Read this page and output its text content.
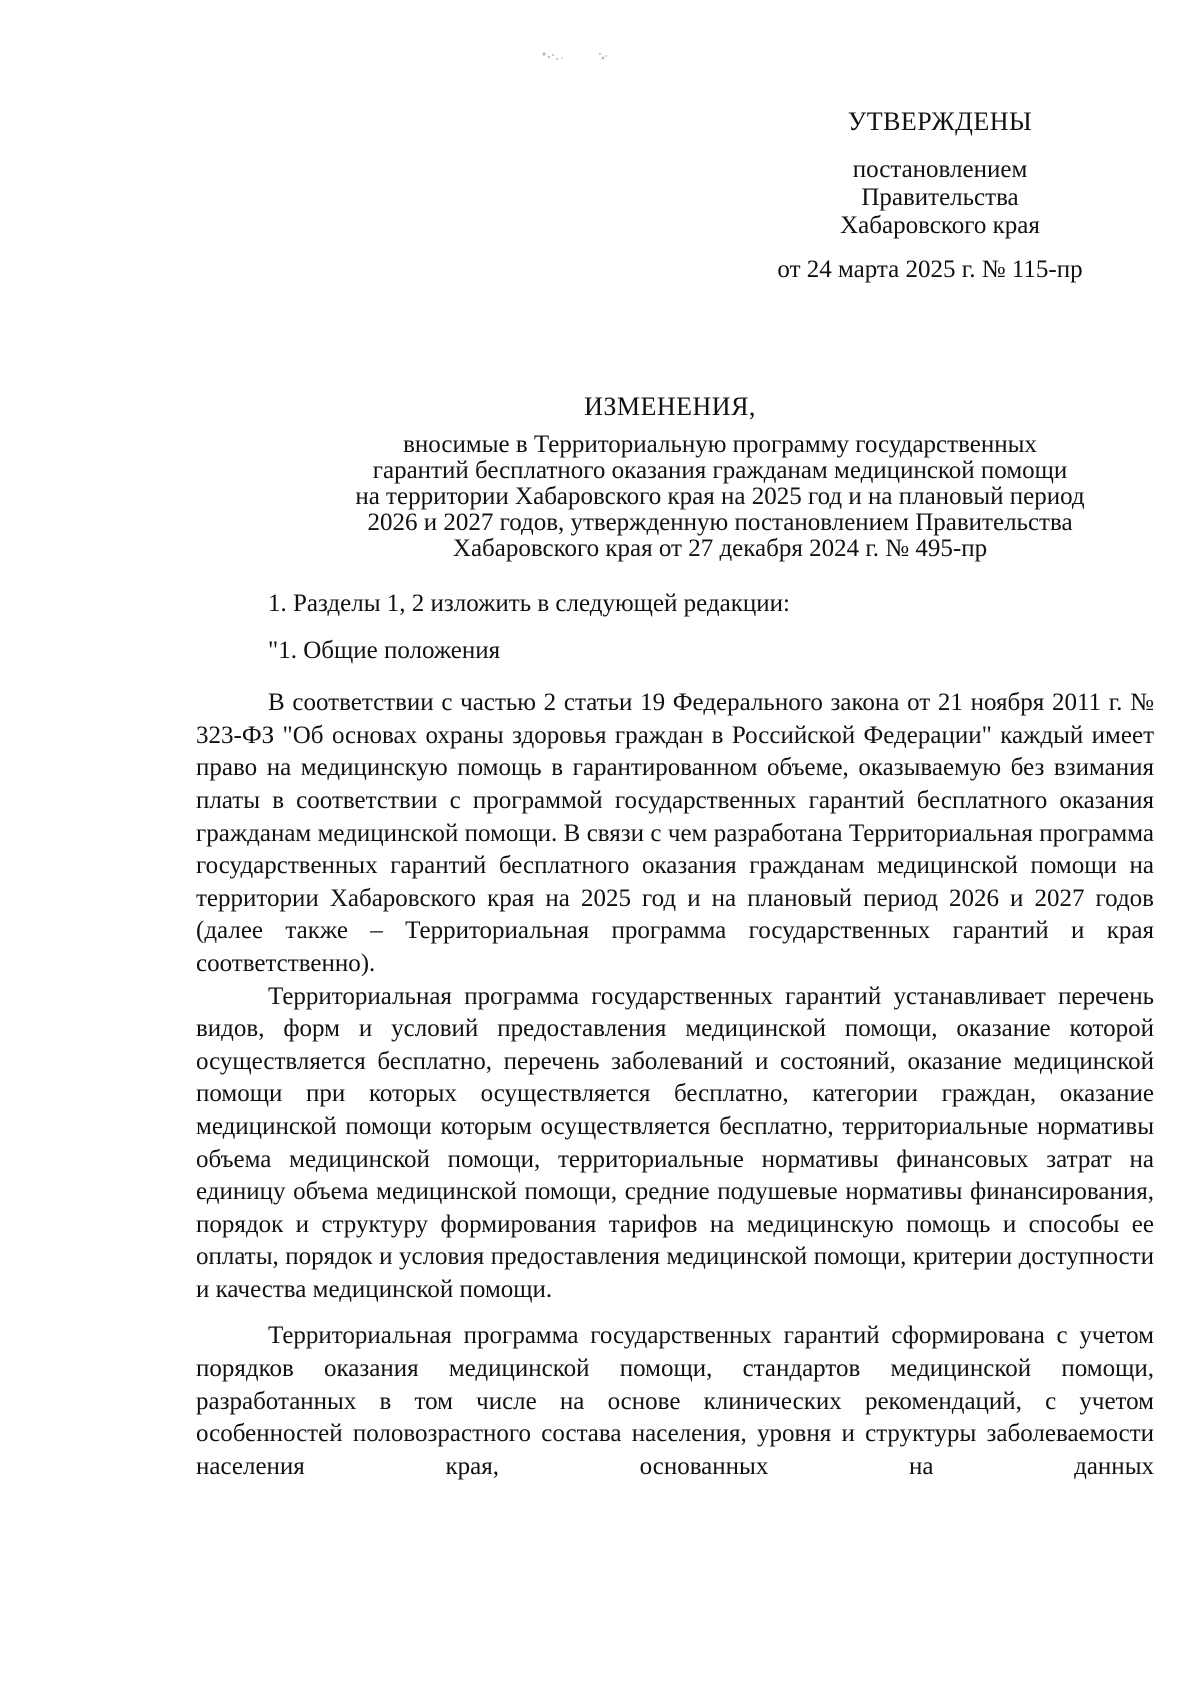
УТВЕРЖДЕНЫ
постановлением
Правительства
Хабаровского края
от 24 марта 2025 г. № 115-пр
ИЗМЕНЕНИЯ,
вносимые в Территориальную программу государственных
гарантий бесплатного оказания гражданам медицинской помощи
на территории Хабаровского края на 2025 год и на плановый период
2026 и 2027 годов, утвержденную постановлением Правительства
Хабаровского края от 27 декабря 2024 г. № 495-пр

1. Разделы 1, 2 изложить в следующей редакции:

"1. Общие положения

В соответствии с частью 2 статьи 19 Федерального закона от 21 ноября 2011 г. № 323-ФЗ "Об основах охраны здоровья граждан в Российской Федерации" каждый имеет право на медицинскую помощь в гарантированном объеме, оказываемую без взимания платы в соответствии с программой государственных гарантий бесплатного оказания гражданам медицинской помощи. В связи с чем разработана Территориальная программа государственных гарантий бесплатного оказания гражданам медицинской помощи на территории Хабаровского края на 2025 год и на плановый период 2026 и 2027 годов (далее также – Территориальная программа государственных гарантий и края соответственно).

Территориальная программа государственных гарантий устанавливает перечень видов, форм и условий предоставления медицинской помощи, оказание которой осуществляется бесплатно, перечень заболеваний и состояний, оказание медицинской помощи при которых осуществляется бесплатно, категории граждан, оказание медицинской помощи которым осуществляется бесплатно, территориальные нормативы объема медицинской помощи, территориальные нормативы финансовых затрат на единицу объема медицинской помощи, средние подушевые нормативы финансирования, порядок и структуру формирования тарифов на медицинскую помощь и способы ее оплаты, порядок и условия предоставления медицинской помощи, критерии доступности и качества медицинской помощи.

Территориальная программа государственных гарантий сформирована с учетом порядков оказания медицинской помощи, стандартов медицинской помощи, разработанных в том числе на основе клинических рекомендаций, с учетом особенностей половозрастного состава населения, уровня и структуры заболеваемости населения края, основанных на данных
